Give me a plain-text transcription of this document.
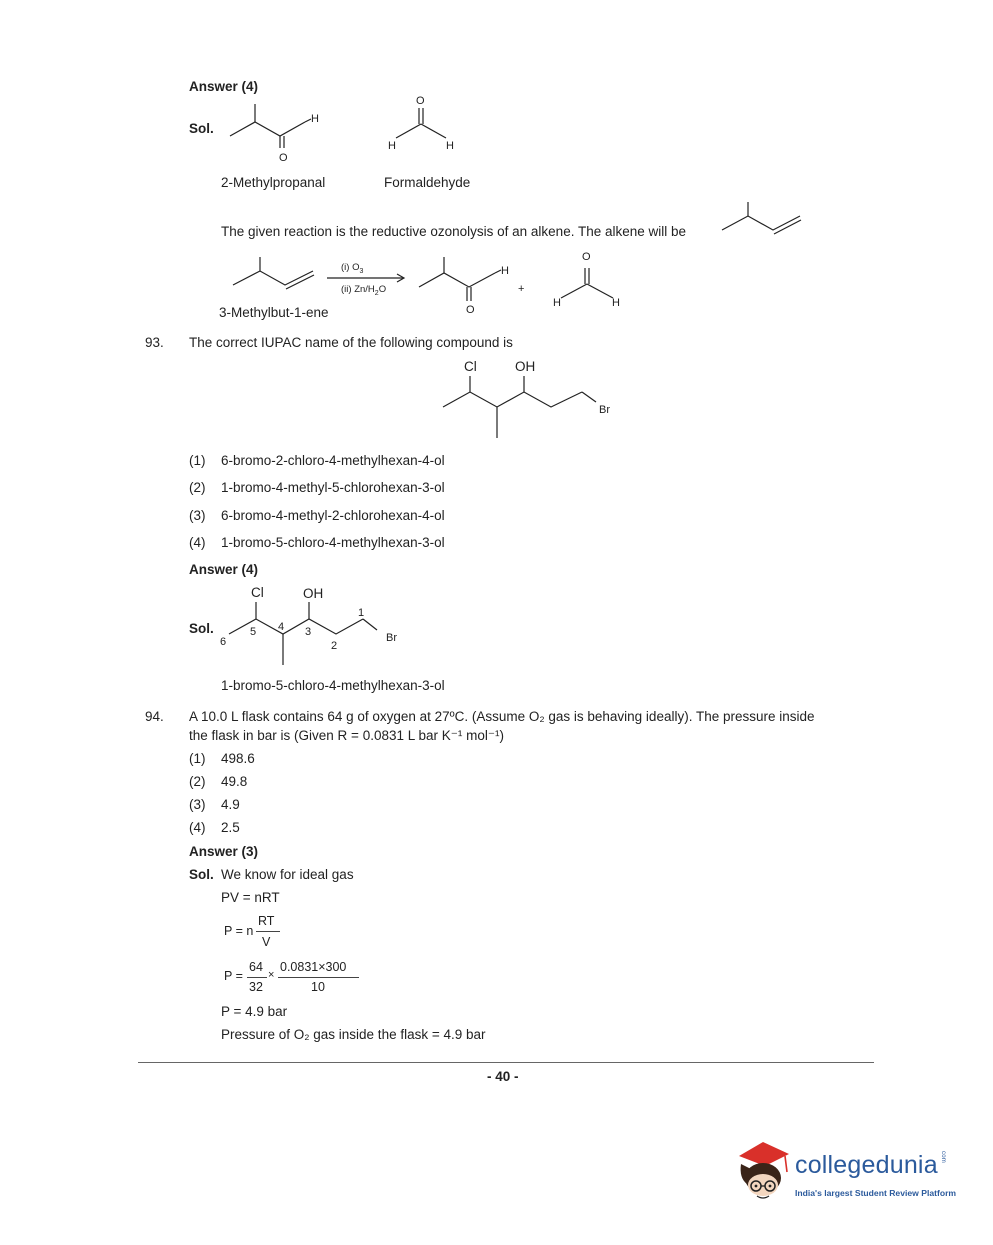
Answer (4)
Sol.
H
O
O
H	H
2-Methylpropanal	Formaldehyde
The given reaction is the reductive ozonolysis of an alkene. The alkene will be
(i) $O_3$
(ii) $Zn/H_2O$
H
O
+
O
H	H
3-Methylbut-1-ene
93. The correct IUPAC name of the following compound is
Cl	OH
Br
(1) 6-bromo-2-chloro-4-methylhexan-4-ol
(2) 1-bromo-4-methyl-5-chlorohexan-3-ol
(3) 6-bromo-4-methyl-2-chlorohexan-4-ol
(4) 1-bromo-5-chloro-4-methylhexan-3-ol
Answer (4)
Sol.
Cl	OH
6
5 4 3
2
1
Br
1-bromo-5-chloro-4-methylhexan-3-ol
94. A 10.0 L flask contains 64 g of oxygen at 27ºC. (Assume O₂ gas is behaving ideally). The pressure inside
the flask in bar is (Given R = 0.0831 L bar K⁻¹ mol⁻¹)
(1) 498.6
(2) 49.8
(3) 4.9
(4) 2.5
Answer (3)
Sol. We know for ideal gas
PV = nRT
P = n
RT
V
P =
64
32
×
0.0831×300
10
P = 4.9 bar
Pressure of O₂ gas inside the flask = 4.9 bar
- 40 -
collegedunia com
India's largest Student Review Platform
